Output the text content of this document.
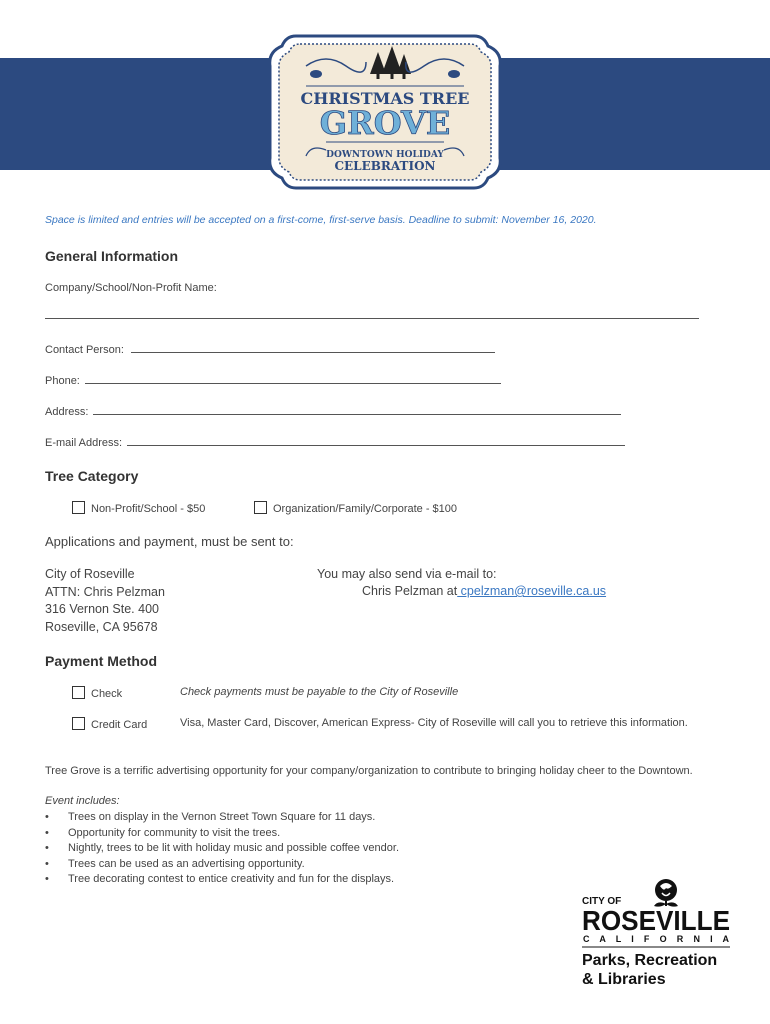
CHRISTMAS TREE
GROVE
DOWNTOWN HOLIDAY
CELEBRATION
Space is limited and entries will be accepted on a first-come, first-serve basis. Deadline to submit: November 16, 2020.
General Information
Company/School/Non-Profit Name:
Contact Person:
Phone:
Address:
E-mail Address:
Tree Category
Non-Profit/School - $50	Organization/Family/Corporate - $100
Applications and payment, must be sent to:
City of Roseville
ATTN: Chris Pelzman
316 Vernon Ste. 400
Roseville, CA 95678
You may also send via e-mail to:
Chris Pelzman at cpelzman@roseville.ca.us
Payment Method
Check	Check payments must be payable to the City of Roseville
Credit Card	Visa, Master Card, Discover, American Express- City of Roseville will call you to retrieve this information.
Tree Grove is a terrific advertising opportunity for your company/organization to contribute to bringing holiday cheer to the Downtown.
Event includes:
• Trees on display in the Vernon Street Town Square for 11 days.
• Opportunity for community to visit the trees.
• Nightly, trees to be lit with holiday music and possible coffee vendor.
• Trees can be used as an advertising opportunity.
• Tree decorating contest to entice creativity and fun for the displays.
CITY OF
ROSEVILLE
C A L I F O R N I A
Parks, Recreation
& Libraries
